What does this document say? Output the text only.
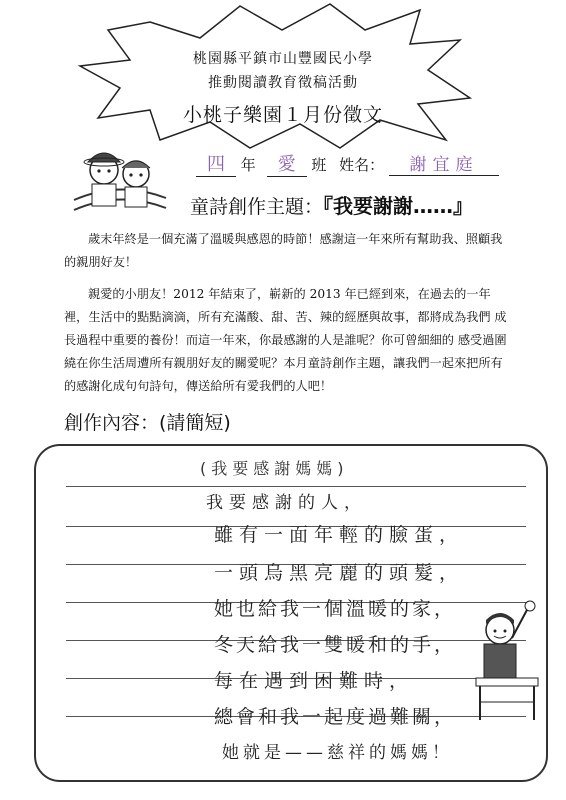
桃園縣平鎮市山豐國民小學
推動閱讀教育徵稿活動
小桃子樂園１月份徵文
四 年 愛 班 姓名： 謝宜庭
童詩創作主題：『我要謝謝……』
歲末年終是一個充滿了溫暖與感恩的時節！感謝這一年來所有幫助我、照顧我的親朋好友！
親愛的小朋友！2012 年結束了，嶄新的 2013 年已經到來，在過去的一年裡，生活中的點點滴滴，所有充滿酸、甜、苦、辣的經歷與故事，都將成為我們 成長過程中重要的養份！而這一年來，你最感謝的人是誰呢？你可曾細細的 感受過圍繞在你生活周遭所有親朋好友的關愛呢？本月童詩創作主題，讓我們一起來把所有的感謝化成句句詩句，傳送給所有愛我們的人吧！
創作內容：(請簡短)
(我要感謝媽媽)
我要感謝的人，
雖有一面年輕的臉蛋，
一頭烏黑亮麗的頭髮，
她也給我一個溫暖的家，
冬天給我一雙暖和的手，
每在遇到困難時，
總會和我一起度過難關，
她就是——慈祥的媽媽！
